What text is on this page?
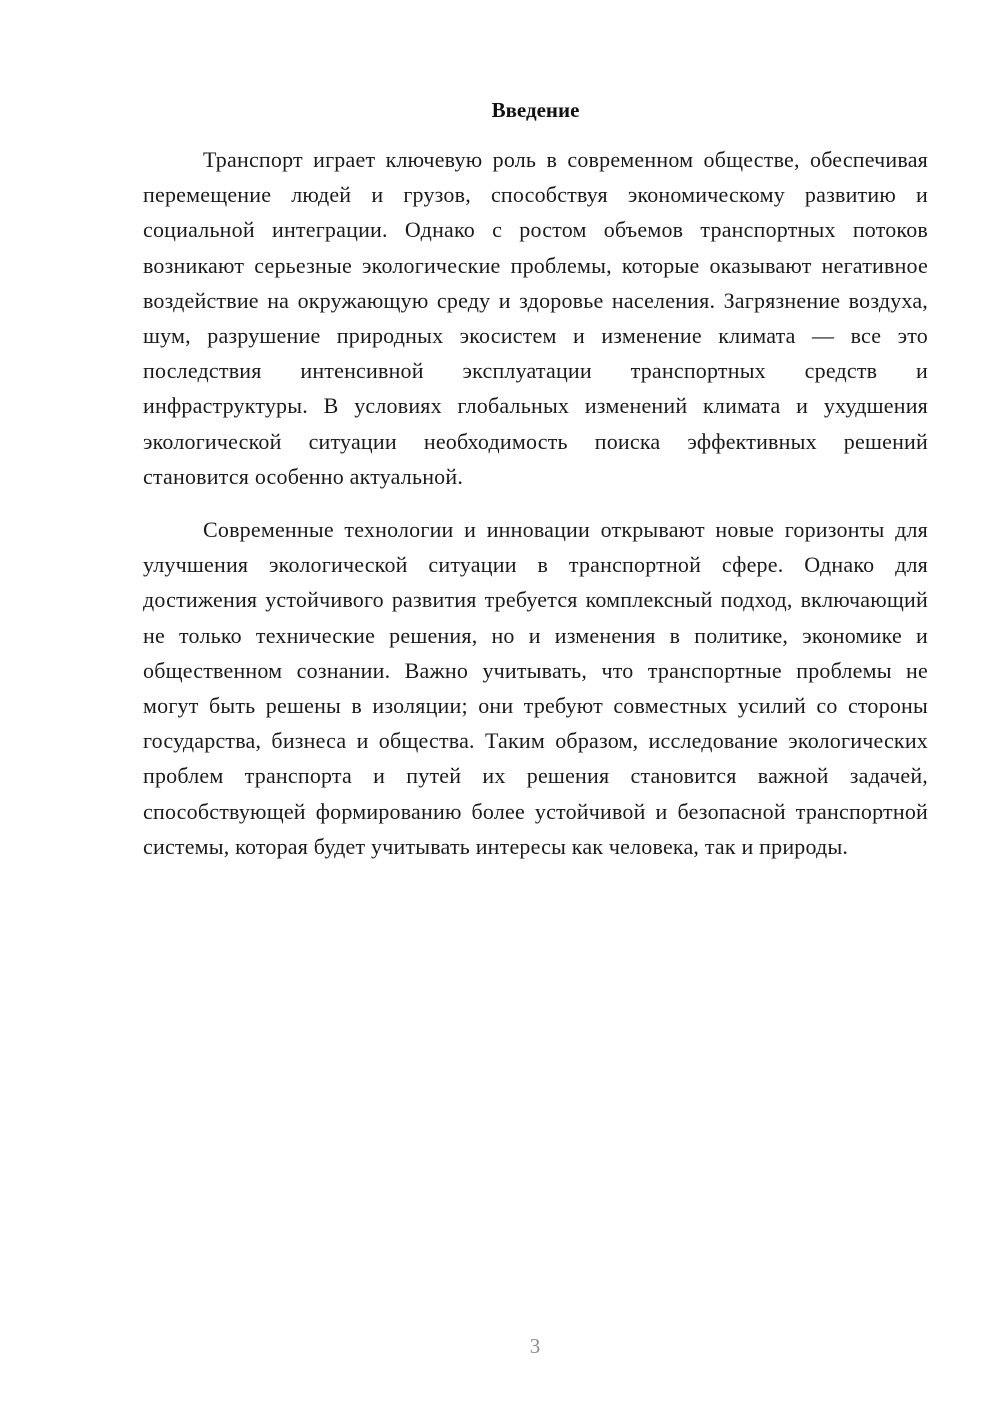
Введение

Транспорт играет ключевую роль в современном обществе, обеспечивая перемещение людей и грузов, способствуя экономическому развитию и социальной интеграции. Однако с ростом объемов транспортных потоков возникают серьезные экологические проблемы, которые оказывают негативное воздействие на окружающую среду и здоровье населения. Загрязнение воздуха, шум, разрушение природных экосистем и изменение климата — все это последствия интенсивной эксплуатации транспортных средств и инфраструктуры. В условиях глобальных изменений климата и ухудшения экологической ситуации необходимость поиска эффективных решений становится особенно актуальной.

Современные технологии и инновации открывают новые горизонты для улучшения экологической ситуации в транспортной сфере. Однако для достижения устойчивого развития требуется комплексный подход, включающий не только технические решения, но и изменения в политике, экономике и общественном сознании. Важно учитывать, что транспортные проблемы не могут быть решены в изоляции; они требуют совместных усилий со стороны государства, бизнеса и общества. Таким образом, исследование экологических проблем транспорта и путей их решения становится важной задачей, способствующей формированию более устойчивой и безопасной транспортной системы, которая будет учитывать интересы как человека, так и природы.

3
